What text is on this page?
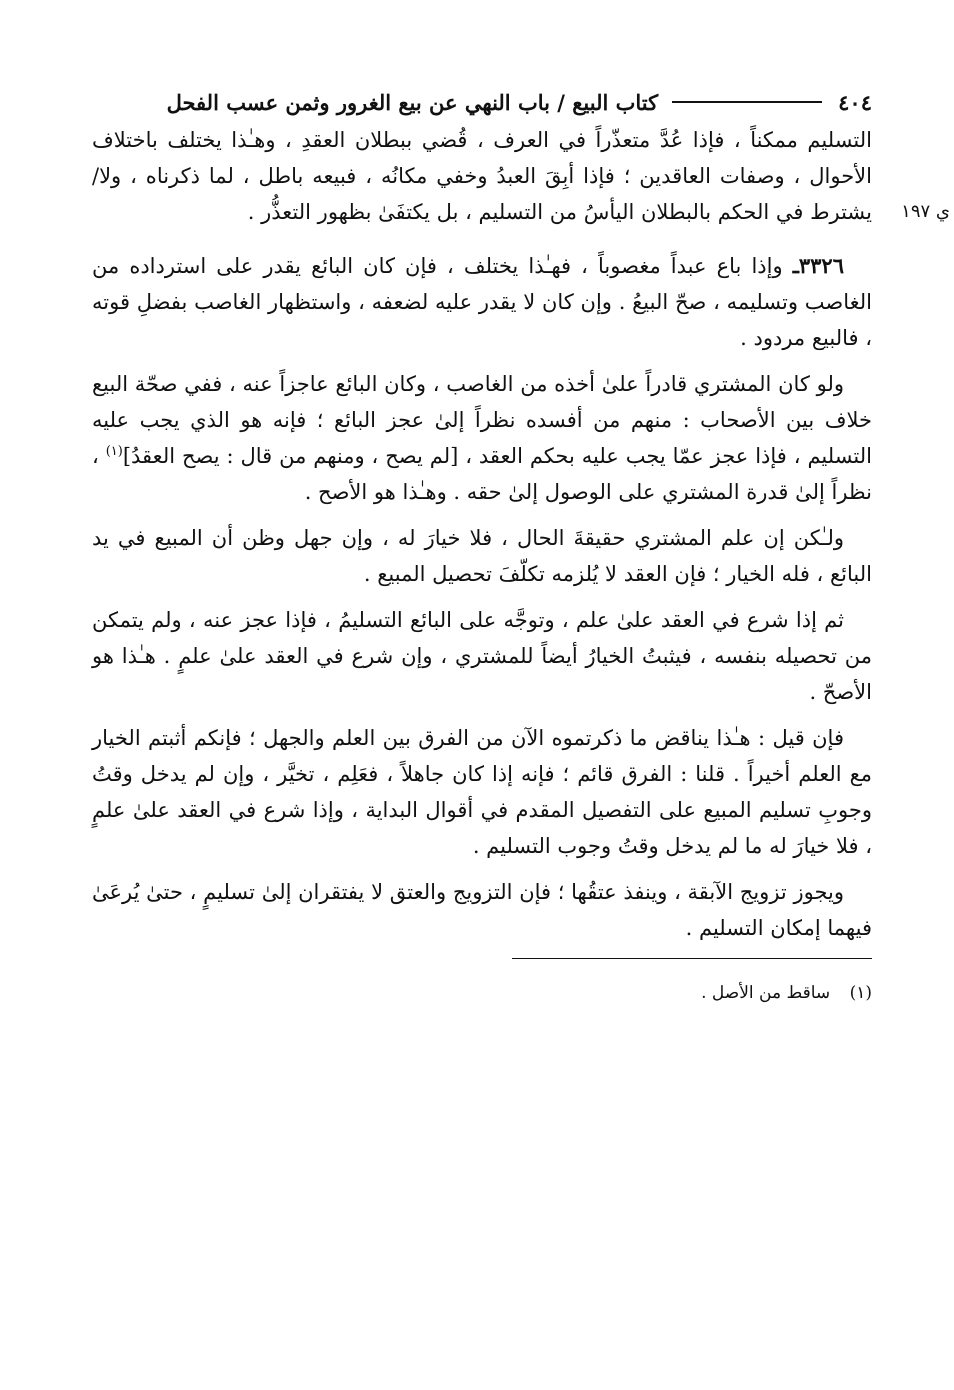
٤٠٤
كتاب البيع / باب النهي عن بيع الغرور وثمن عسب الفحل

ي ١٩٧
التسليم ممكناً ، فإذا عُدَّ متعذّراً في العرف ، قُضي ببطلان العقدِ ، وهـٰذا يختلف باختلاف الأحوال ، وصفات العاقدين ؛ فإذا أبِقَ العبدُ وخفي مكانُه ، فبيعه باطل ، لما ذكرناه ، ولا/ يشترط في الحكم بالبطلان اليأسُ من التسليم ، بل يكتفَىٰ بظهور التعذُّر .

٣٣٢٦ـ وإذا باع عبداً مغصوباً ، فهـٰذا يختلف ، فإن كان البائع يقدر على استرداده من الغاصب وتسليمه ، صحّ البيعُ . وإن كان لا يقدر عليه لضعفه ، واستظهار الغاصب بفضلِ قوته ، فالبيع مردود .

ولو كان المشتري قادراً علىٰ أخذه من الغاصب ، وكان البائع عاجزاً عنه ، ففي صحّة البيع خلاف بين الأصحاب : منهم من أفسده نظراً إلىٰ عجز البائع ؛ فإنه هو الذي يجب عليه التسليم ، فإذا عجز عمّا يجب عليه بحكم العقد ، [لم يصح ، ومنهم من قال : يصح العقدُ]$^{(١)}$ ، نظراً إلىٰ قدرة المشتري على الوصول إلىٰ حقه . وهـٰذا هو الأصح .

ولـٰكن إن علم المشتري حقيقةَ الحال ، فلا خيارَ له ، وإن جهل وظن أن المبيع في يد البائع ، فله الخيار ؛ فإن العقد لا يُلزمه تكلّفَ تحصيل المبيع .

ثم إذا شرع في العقد علىٰ علم ، وتوجَّه على البائع التسليمُ ، فإذا عجز عنه ، ولم يتمكن من تحصيله بنفسه ، فيثبتُ الخيارُ أيضاً للمشتري ، وإن شرع في العقد علىٰ علمٍ . هـٰذا هو الأصحّ .

فإن قيل : هـٰذا يناقض ما ذكرتموه الآن من الفرق بين العلم والجهل ؛ فإنكم أثبتم الخيار مع العلم أخيراً . قلنا : الفرق قائم ؛ فإنه إذا كان جاهلاً ، فعَلِم ، تخيَّر ، وإن لم يدخل وقتُ وجوبِ تسليم المبيع على التفصيل المقدم في أقوال البداية ، وإذا شرع في العقد علىٰ علمٍ ، فلا خيارَ له ما لم يدخل وقتُ وجوب التسليم .

ويجوز تزويج الآبقة ، وينفذ عتقُها ؛ فإن التزويج والعتق لا يفتقران إلىٰ تسليمٍ ، حتىٰ يُرعَىٰ فيهما إمكان التسليم .

(١) ساقط من الأصل .
